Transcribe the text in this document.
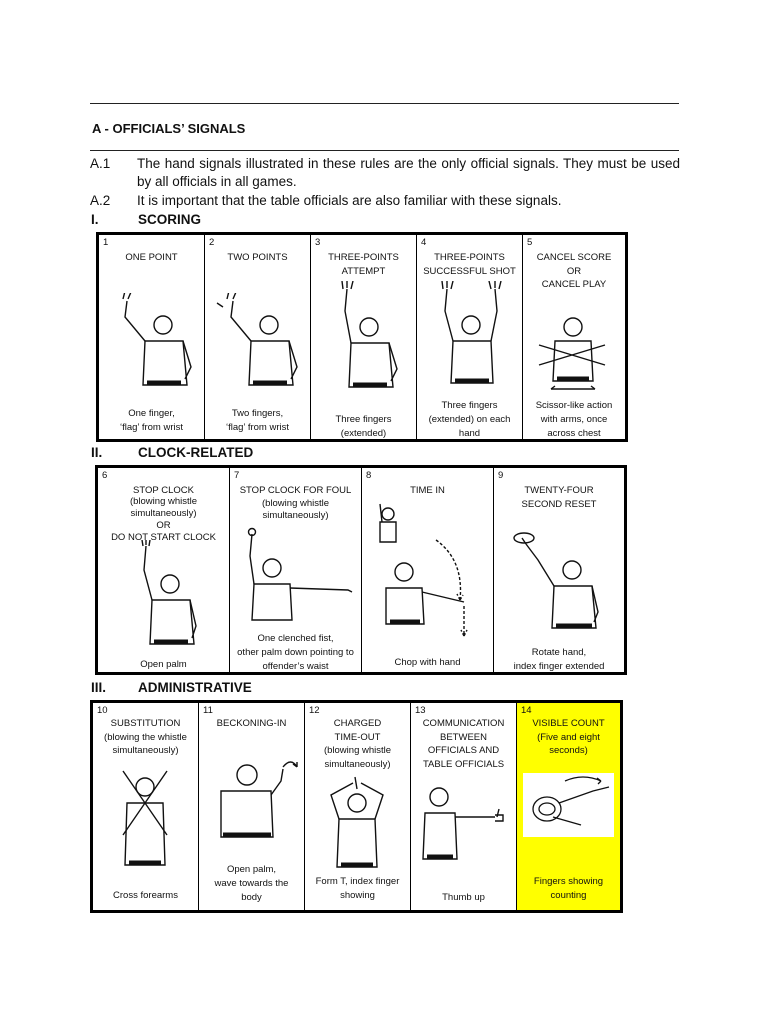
A - OFFICIALS’ SIGNALS
A.1 The hand signals illustrated in these rules are the only official signals. They must be used by all officials in all games.
A.2 It is important that the table officials are also familiar with these signals.
I.	SCORING
1
ONE POINT
One finger,
‘flag’ from wrist
2
TWO POINTS
Two fingers,
‘flag’ from wrist
3
THREE-POINTS
ATTEMPT
Three fingers
(extended)
4
THREE-POINTS
SUCCESSFUL SHOT
Three fingers
(extended) on each
hand
5
CANCEL SCORE
OR
CANCEL PLAY
Scissor-like action
with arms, once
across chest
II.	CLOCK-RELATED
6
STOP CLOCK
(blowing whistle
simultaneously)
OR
DO NOT START CLOCK
Open palm
7
STOP CLOCK FOR FOUL
(blowing whistle
simultaneously)
One clenched fist,
other palm down pointing to
offender’s waist
8
TIME IN
Chop with hand
9
TWENTY-FOUR
SECOND RESET
Rotate hand,
index finger extended
III. ADMINISTRATIVE
10
SUBSTITUTION
(blowing the whistle
simultaneously)
Cross forearms
11
BECKONING-IN
Open palm,
wave towards the
body
12
CHARGED
TIME-OUT
(blowing whistle
simultaneously)
Form T, index finger
showing
13
COMMUNICATION
BETWEEN
OFFICIALS AND
TABLE OFFICIALS
Thumb up
14
VISIBLE COUNT
(Five and eight
seconds)
Fingers showing
counting
